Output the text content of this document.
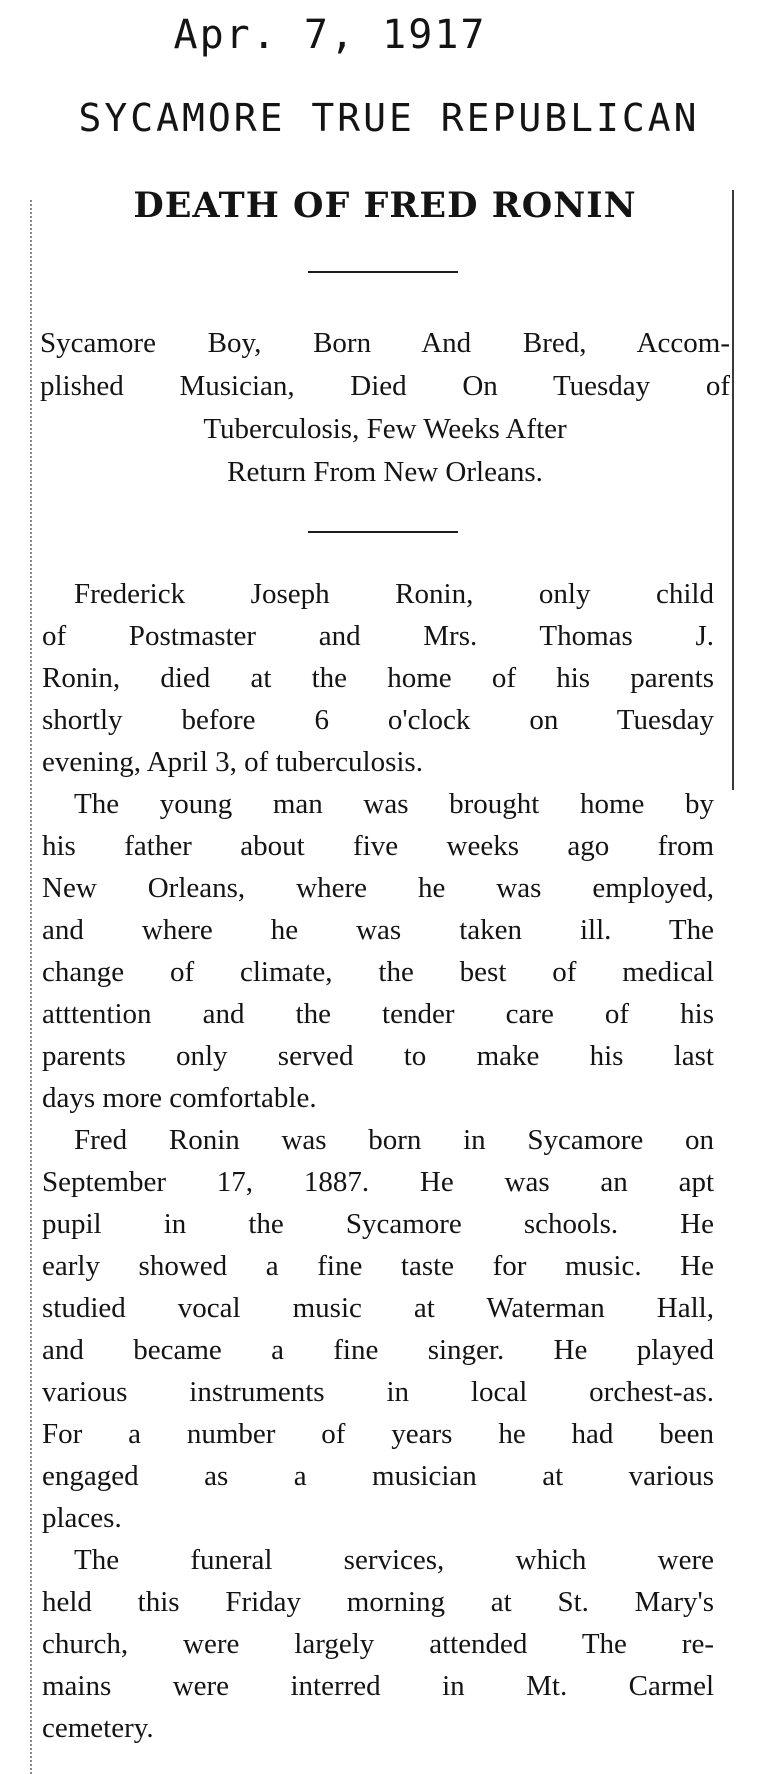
Apr. 7, 1917
SYCAMORE TRUE REPUBLICAN
DEATH OF FRED RONIN
Sycamore Boy, Born And Bred, Accom-
plished Musician, Died On Tuesday of
Tuberculosis, Few Weeks After
Return From New Orleans.
Frederick Joseph Ronin, only child
of Postmaster and Mrs. Thomas J.
Ronin, died at the home of his parents
shortly before 6 o'clock on Tuesday
evening, April 3, of tuberculosis.
The young man was brought home by
his father about five weeks ago from
New Orleans, where he was employed,
and where he was taken ill. The
change of climate, the best of medical
atttention and the tender care of his
parents only served to make his last
days more comfortable.
Fred Ronin was born in Sycamore on
September 17, 1887. He was an apt
pupil in the Sycamore schools. He
early showed a fine taste for music. He
studied vocal music at Waterman Hall,
and became a fine singer. He played
various instruments in local orchest-as.
For a number of years he had been
engaged as a musician at various
places.
The funeral services, which were
held this Friday morning at St. Mary's
church, were largely attended The re-
mains were interred in Mt. Carmel
cemetery.
